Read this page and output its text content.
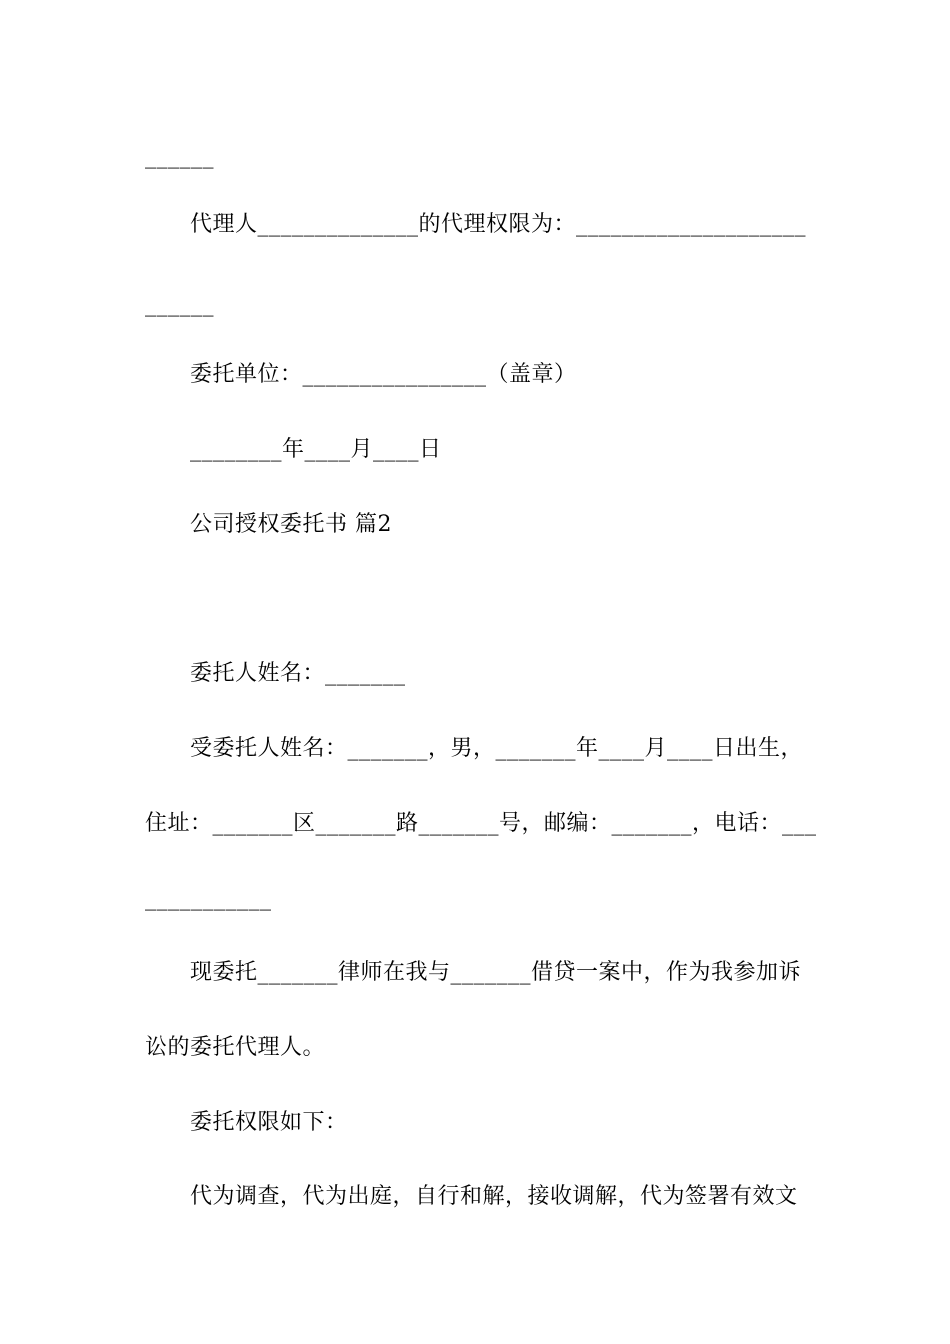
______
代理人______________的代理权限为：____________________
______
委托单位：________________（盖章）
________年____月____日
公司授权委托书 篇2
委托人姓名：_______
受委托人姓名：_______，男，_______年____月____日出生，
住址：_______区_______路_______号，邮编：_______，电话：___
___________
现委托_______律师在我与_______借贷一案中，作为我参加诉
讼的委托代理人。
委托权限如下：
代为调查，代为出庭，自行和解，接收调解，代为签署有效文
